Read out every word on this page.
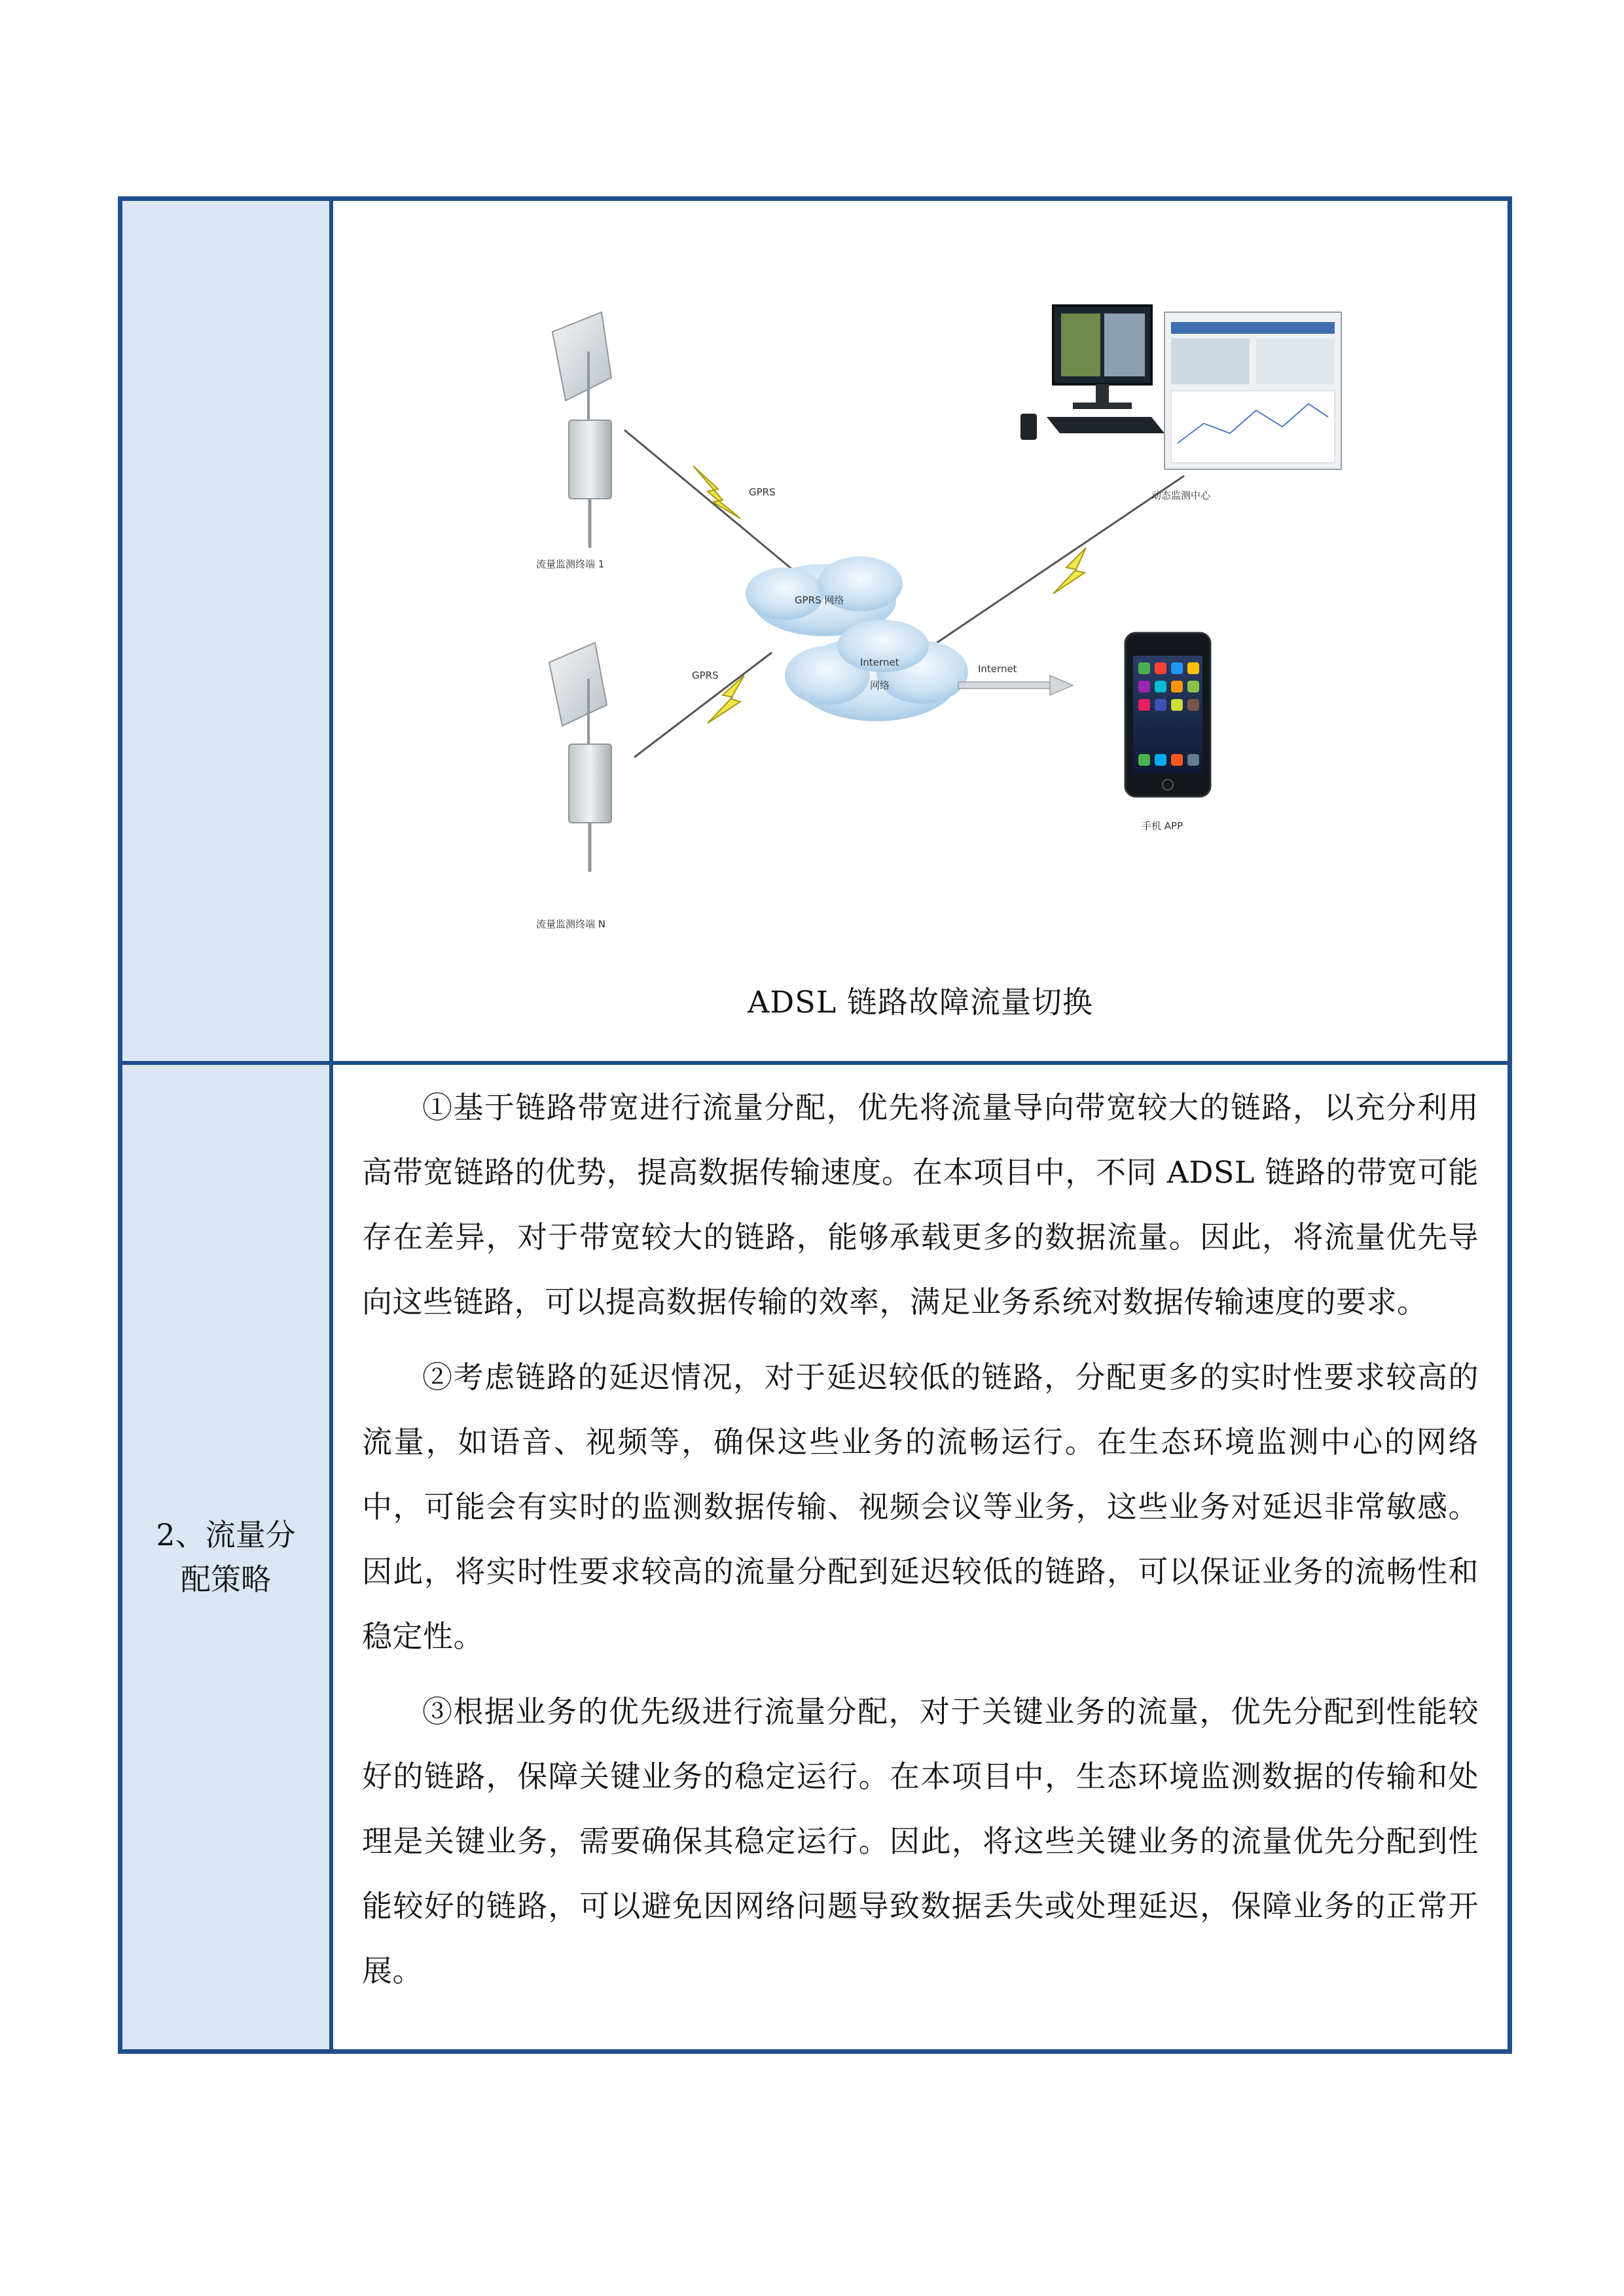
流量监测终端 1
流量监测终端 N
GPRS
GPRS
GPRS 网络
Internet
网络
Internet
动态监测中心
手机 APP
ADSL 链路故障流量切换
2、流量分配策略

①基于链路带宽进行流量分配，优先将流量导向带宽较大的链路，以充分利用高带宽链路的优势，提高数据传输速度。在本项目中，不同 ADSL 链路的带宽可能存在差异，对于带宽较大的链路，能够承载更多的数据流量。因此，将流量优先导向这些链路，可以提高数据传输的效率，满足业务系统对数据传输速度的要求。

②考虑链路的延迟情况，对于延迟较低的链路，分配更多的实时性要求较高的流量，如语音、视频等，确保这些业务的流畅运行。在生态环境监测中心的网络中，可能会有实时的监测数据传输、视频会议等业务，这些业务对延迟非常敏感。因此，将实时性要求较高的流量分配到延迟较低的链路，可以保证业务的流畅性和稳定性。

③根据业务的优先级进行流量分配，对于关键业务的流量，优先分配到性能较好的链路，保障关键业务的稳定运行。在本项目中，生态环境监测数据的传输和处理是关键业务，需要确保其稳定运行。因此，将这些关键业务的流量优先分配到性能较好的链路，可以避免因网络问题导致数据丢失或处理延迟，保障业务的正常开展。
